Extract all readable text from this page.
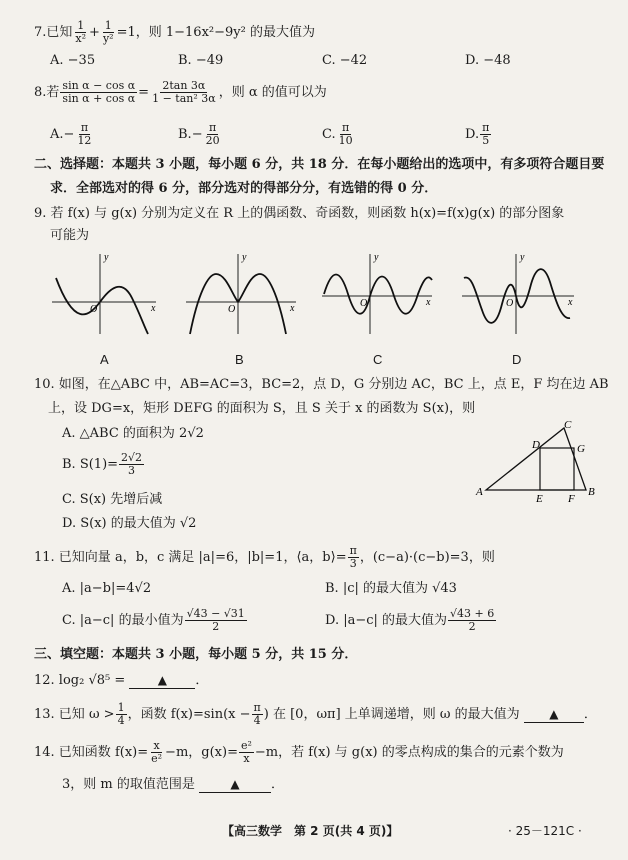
7.已知 $\frac{1}{\text{x²}} + \frac{1}{\text{y²}} =1$，则 1−16x²−9y² 的最大值为
A. −35	B. −49	C. −42	D. −48
8.若 $\frac{\text{sin α − cos α}}{\text{sin α + cos α}} = \frac{2\tan 3\alpha}{\text{1 − tan² 3α}}$ ，则 α 的值可以为
$A.- \frac{\pi}{12}$	$B.- \frac{\pi}{20}$	C. $\frac{\pi}{10}$	D. $\frac{\pi}{5}$
二、选择题：本题共 3 小题，每小题 6 分，共 18 分．在每小题给出的选项中，有多项符合题目要
求．全部选对的得 6 分，部分选对的得部分分，有选错的得 0 分．
9. 若 f(x) 与 g(x) 分别为定义在 R 上的偶函数、奇函数，则函数 h(x)=f(x)g(x) 的部分图象
可能为
x
y
O	x
y
O
x
y
O	x
y
O
A	B	C	D
10. 如图，在△ABC 中，AB=AC=3，BC=2，点 D，G 分别边 AC，BC 上，点 E，F 均在边 AB
上，设 DG=x，矩形 DEFG 的面积为 S，且 S 关于 x 的函数为 S(x)，则
A. △ABC 的面积为 2√2
B. $S(1)= \frac{2√2}{3}$
C. S(x) 先增后减
D. S(x) 的最大值为 √2
A	B
C
D
E F
G
11. 已知向量 a，b，c 满足 |a|=6，|b|=1，⟨a，b⟩= $\frac{\pi}{3}$ ，(c−a)·(c−b)=3，则
A. |a−b|=4√2	B. |c| 的最大值为 √43
C. |a−c| 的最小值为 $\frac{√43 - √31}{2}$	D. |a−c| 的最大值为 $\frac{√43 + 6}{2}$
三、填空题：本题共 3 小题，每小题 5 分，共 15 分．
12. log₂ √8⁵ =	▲ ．
13. 已知 $\omega > \frac{1}{4}$ ，函数 $f(x)=\sin(x - \frac{\pi}{4}$ ) 在 [0，ωπ] 上单调递增，则 ω 的最大值为 ▲ ．
14. 已知函数 $f(x)= \frac{x}{\text{e²}} -m$，$g(x)= \frac{\text{e²}}{x} -m$，若 f(x) 与 g(x) 的零点构成的集合的元素个数为
3，则 m 的取值范围是	▲ ．
【高三数学　第 2 页(共 4 页)】	· 25－121C ·
